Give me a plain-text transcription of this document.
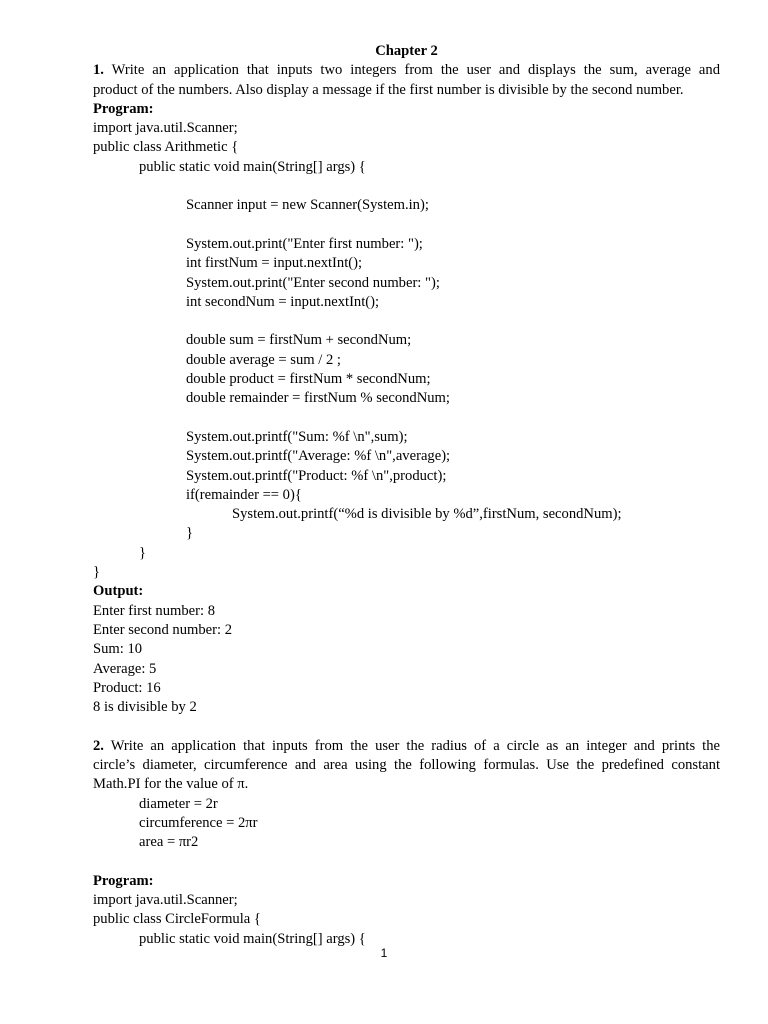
Chapter 2
1. Write an application that inputs two integers from the user and displays the sum, average and
product of the numbers. Also display a message if the first number is divisible by the second number.
Program:
import java.util.Scanner;
public class Arithmetic {
public static void main(String[] args) {
Scanner input = new Scanner(System.in);
System.out.print("Enter first number: ");
int firstNum = input.nextInt();
System.out.print("Enter second number: ");
int secondNum = input.nextInt();
double sum = firstNum + secondNum;
double average = sum / 2 ;
double product = firstNum * secondNum;
double remainder = firstNum % secondNum;
System.out.printf("Sum: %f \n",sum);
System.out.printf("Average: %f \n",average);
System.out.printf("Product: %f \n",product);
if(remainder == 0){
System.out.printf(“%d is divisible by %d”,firstNum, secondNum);
}
}
}
Output:
Enter first number: 8
Enter second number: 2
Sum: 10
Average: 5
Product: 16
8 is divisible by 2
2. Write an application that inputs from the user the radius of a circle as an integer and prints the
circle’s diameter, circumference and area using the following formulas. Use the predefined constant
Math.PI for the value of π.
diameter = 2r
circumference = 2πr
area = πr2
Program:
import java.util.Scanner;
public class CircleFormula {
public static void main(String[] args) {
1
